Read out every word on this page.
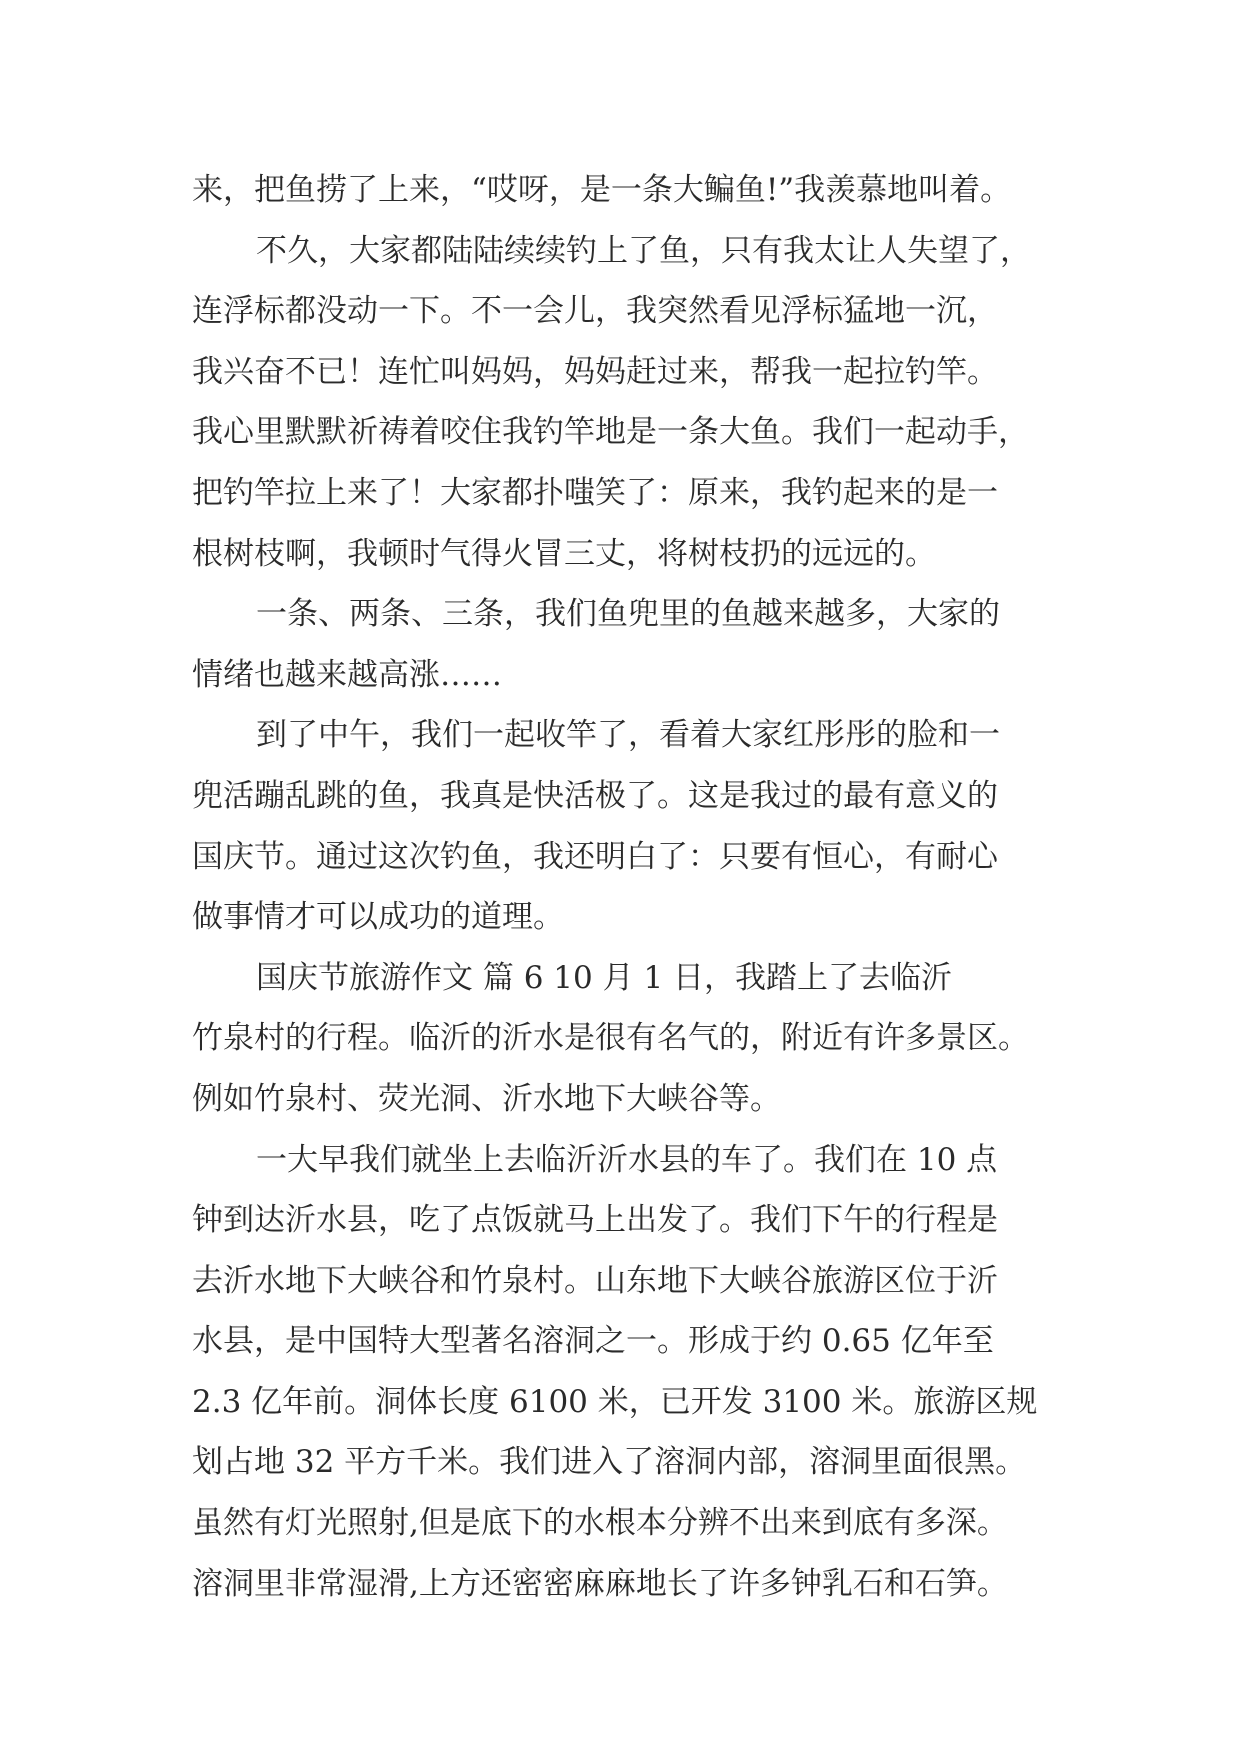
来，把鱼捞了上来，“哎呀，是一条大鳊鱼!”我羡慕地叫着。
不久，大家都陆陆续续钓上了鱼，只有我太让人失望了，
连浮标都没动一下。不一会儿，我突然看见浮标猛地一沉，
我兴奋不已！连忙叫妈妈，妈妈赶过来，帮我一起拉钓竿。
我心里默默祈祷着咬住我钓竿地是一条大鱼。我们一起动手，
把钓竿拉上来了！大家都扑嗤笑了：原来，我钓起来的是一
根树枝啊，我顿时气得火冒三丈，将树枝扔的远远的。
一条、两条、三条，我们鱼兜里的鱼越来越多，大家的
情绪也越来越高涨……
到了中午，我们一起收竿了，看着大家红彤彤的脸和一
兜活蹦乱跳的鱼，我真是快活极了。这是我过的最有意义的
国庆节。通过这次钓鱼，我还明白了：只要有恒心，有耐心
做事情才可以成功的道理。
国庆节旅游作文 篇 6 10 月 1 日，我踏上了去临沂
竹泉村的行程。临沂的沂水是很有名气的，附近有许多景区。
例如竹泉村、荧光洞、沂水地下大峡谷等。
一大早我们就坐上去临沂沂水县的车了。我们在 10 点
钟到达沂水县，吃了点饭就马上出发了。我们下午的行程是
去沂水地下大峡谷和竹泉村。山东地下大峡谷旅游区位于沂
水县，是中国特大型著名溶洞之一。形成于约 0.65 亿年至
2.3 亿年前。洞体长度 6100 米，已开发 3100 米。旅游区规
划占地 32 平方千米。我们进入了溶洞内部，溶洞里面很黑。
虽然有灯光照射,但是底下的水根本分辨不出来到底有多深。
溶洞里非常湿滑,上方还密密麻麻地长了许多钟乳石和石笋。
